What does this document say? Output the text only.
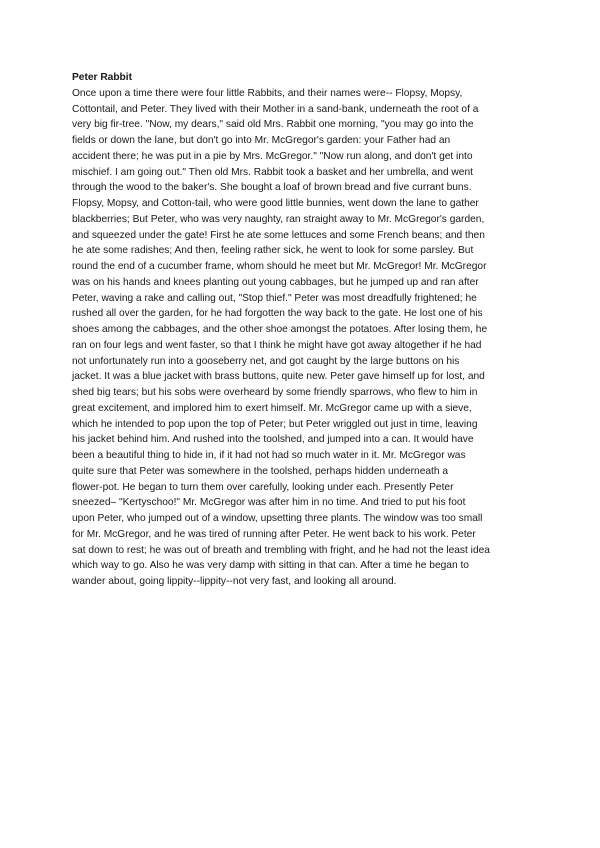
Peter Rabbit
Once upon a time there were four little Rabbits, and their names were-- Flopsy, Mopsy,
Cottontail, and Peter. They lived with their Mother in a sand-bank, underneath the root of a
very big fir-tree. "Now, my dears," said old Mrs. Rabbit one morning, "you may go into the
fields or down the lane, but don't go into Mr. McGregor's garden: your Father had an
accident there; he was put in a pie by Mrs. McGregor." "Now run along, and don't get into
mischief. I am going out." Then old Mrs. Rabbit took a basket and her umbrella, and went
through the wood to the baker's. She bought a loaf of brown bread and five currant buns.
Flopsy, Mopsy, and Cotton-tail, who were good little bunnies, went down the lane to gather
blackberries; But Peter, who was very naughty, ran straight away to Mr. McGregor's garden,
and squeezed under the gate! First he ate some lettuces and some French beans; and then
he ate some radishes; And then, feeling rather sick, he went to look for some parsley. But
round the end of a cucumber frame, whom should he meet but Mr. McGregor! Mr. McGregor
was on his hands and knees planting out young cabbages, but he jumped up and ran after
Peter, waving a rake and calling out, "Stop thief." Peter was most dreadfully frightened; he
rushed all over the garden, for he had forgotten the way back to the gate. He lost one of his
shoes among the cabbages, and the other shoe amongst the potatoes. After losing them, he
ran on four legs and went faster, so that I think he might have got away altogether if he had
not unfortunately run into a gooseberry net, and got caught by the large buttons on his
jacket. It was a blue jacket with brass buttons, quite new. Peter gave himself up for lost, and
shed big tears; but his sobs were overheard by some friendly sparrows, who flew to him in
great excitement, and implored him to exert himself. Mr. McGregor came up with a sieve,
which he intended to pop upon the top of Peter; but Peter wriggled out just in time, leaving
his jacket behind him. And rushed into the toolshed, and jumped into a can. It would have
been a beautiful thing to hide in, if it had not had so much water in it. Mr. McGregor was
quite sure that Peter was somewhere in the toolshed, perhaps hidden underneath a
flower-pot. He began to turn them over carefully, looking under each. Presently Peter
sneezed– "Kertyschoo!" Mr. McGregor was after him in no time. And tried to put his foot
upon Peter, who jumped out of a window, upsetting three plants. The window was too small
for Mr. McGregor, and he was tired of running after Peter. He went back to his work. Peter
sat down to rest; he was out of breath and trembling with fright, and he had not the least idea
which way to go. Also he was very damp with sitting in that can. After a time he began to
wander about, going lippity--lippity--not very fast, and looking all around.
